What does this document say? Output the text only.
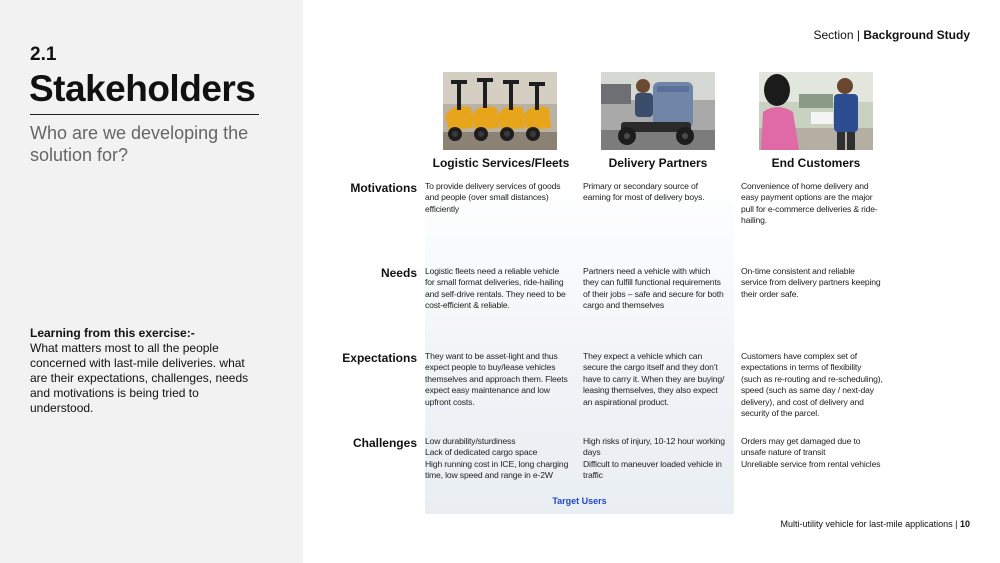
2.1
Stakeholders
Who are we developing the solution for?
Learning from this exercise:-
What matters most to all the people concerned with last-mile deliveries. what are their expectations, challenges, needs and motivations is being tried to understood.
Section | Background Study
Logistic Services/Fleets	Delivery Partners	End Customers
Motivations To provide delivery services of goods
and people (over small distances)
efficiently
Primary or secondary source of
earning for most of delivery boys.
Convenience of home delivery and
easy payment options are the major
pull for e-commerce deliveries & ride-
hailing.
Needs Logistic fleets need a reliable vehicle
for small format deliveries, ride-hailing
and self-drive rentals. They need to be
cost-efficient & reliable.
Partners need a vehicle with which
they can fulfill functional requirements
of their jobs – safe and secure for both
cargo and themselves
On-time consistent and reliable
service from delivery partners keeping
their order safe.
Expectations They want to be asset-light and thus
expect people to buy/lease vehicles
themselves and approach them. Fleets
expect easy maintenance and low
upfront costs.
They expect a vehicle which can
secure the cargo itself and they don’t
have to carry it. When they are buying/
leasing themselves, they also expect
an aspirational product.
Customers have complex set of
expectations in terms of flexibility
(such as re-routing and re-scheduling),
speed (such as same day / next-day
delivery), and cost of delivery and
security of the parcel.
Challenges Low durability/sturdiness
Lack of dedicated cargo space
High running cost in ICE, long charging
time, low speed and range in e-2W
High risks of injury, 10-12 hour working
days
Difficult to maneuver loaded vehicle in
traffic
Orders may get damaged due to
unsafe nature of transit
Unreliable service from rental vehicles
Target Users
Multi-utility vehicle for last-mile applications | 10
